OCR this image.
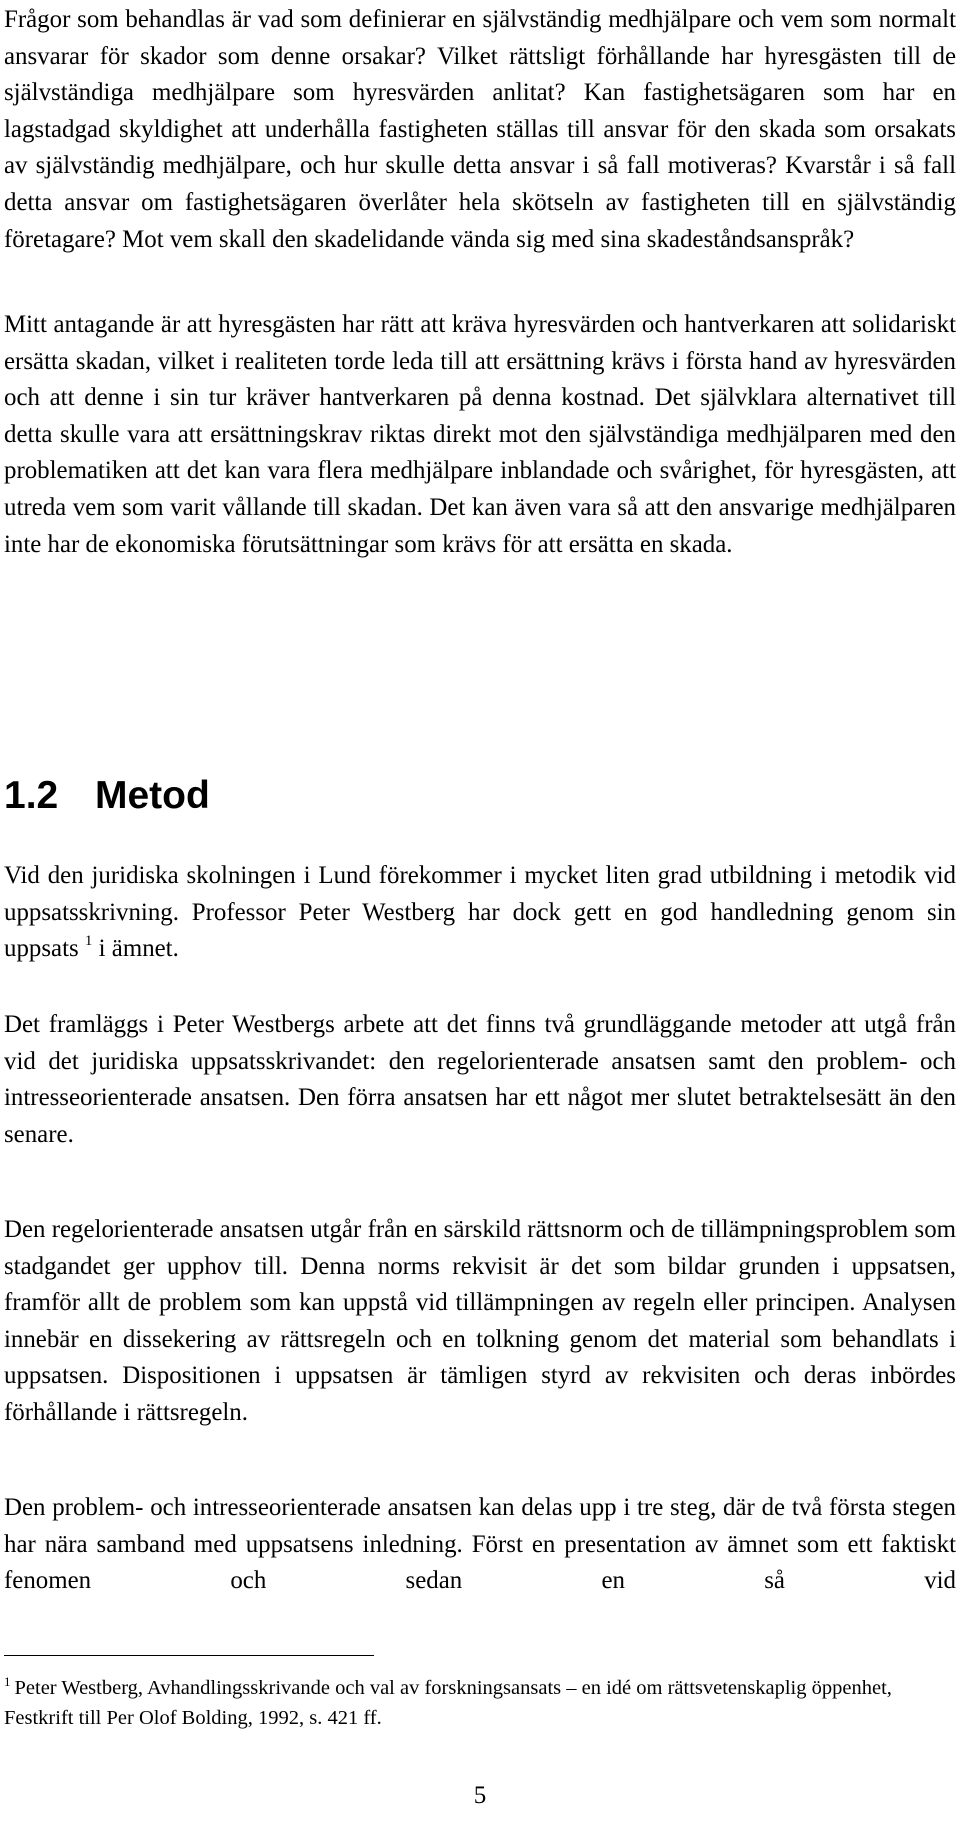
Frågor som behandlas är vad som definierar en självständig medhjälpare och vem som normalt ansvarar för skador som denne orsakar? Vilket rättsligt förhållande har hyresgästen till de självständiga medhjälpare som hyresvärden anlitat? Kan fastighetsägaren som har en lagstadgad skyldighet att underhålla fastigheten ställas till ansvar för den skada som orsakats av självständig medhjälpare, och hur skulle detta ansvar i så fall motiveras? Kvarstår i så fall detta ansvar om fastighetsägaren överlåter hela skötseln av fastigheten till en självständig företagare? Mot vem skall den skadelidande vända sig med sina skadeståndsanspråk?

Mitt antagande är att hyresgästen har rätt att kräva hyresvärden och hantverkaren att solidariskt ersätta skadan, vilket i realiteten torde leda till att ersättning krävs i första hand av hyresvärden och att denne i sin tur kräver hantverkaren på denna kostnad. Det självklara alternativet till detta skulle vara att ersättningskrav riktas direkt mot den självständiga medhjälparen med den problematiken att det kan vara flera medhjälpare inblandade och svårighet, för hyresgästen, att utreda vem som varit vållande till skadan. Det kan även vara så att den ansvarige medhjälparen inte har de ekonomiska förutsättningar som krävs för att ersätta en skada.

1.2 Metod

Vid den juridiska skolningen i Lund förekommer i mycket liten grad utbildning i metodik vid uppsatsskrivning. Professor Peter Westberg har dock gett en god handledning genom sin uppsats $^1$ i ämnet.

Det framläggs i Peter Westbergs arbete att det finns två grundläggande metoder att utgå från vid det juridiska uppsatsskrivandet: den regelorienterade ansatsen samt den problem- och intresseorienterade ansatsen. Den förra ansatsen har ett något mer slutet betraktelsesätt än den senare.

Den regelorienterade ansatsen utgår från en särskild rättsnorm och de tillämpningsproblem som stadgandet ger upphov till. Denna norms rekvisit är det som bildar grunden i uppsatsen, framför allt de problem som kan uppstå vid tillämpningen av regeln eller principen. Analysen innebär en dissekering av rättsregeln och en tolkning genom det material som behandlats i uppsatsen. Dispositionen i uppsatsen är tämligen styrd av rekvisiten och deras inbördes förhållande i rättsregeln.

Den problem- och intresseorienterade ansatsen kan delas upp i tre steg, där de två första stegen har nära samband med uppsatsens inledning. Först en presentation av ämnet som ett faktiskt fenomen och sedan en så vid

$^1$ Peter Westberg, Avhandlingsskrivande och val av forskningsansats – en idé om rättsvetenskaplig öppenhet, Festkrift till Per Olof Bolding, 1992, s. 421 ff.

5
